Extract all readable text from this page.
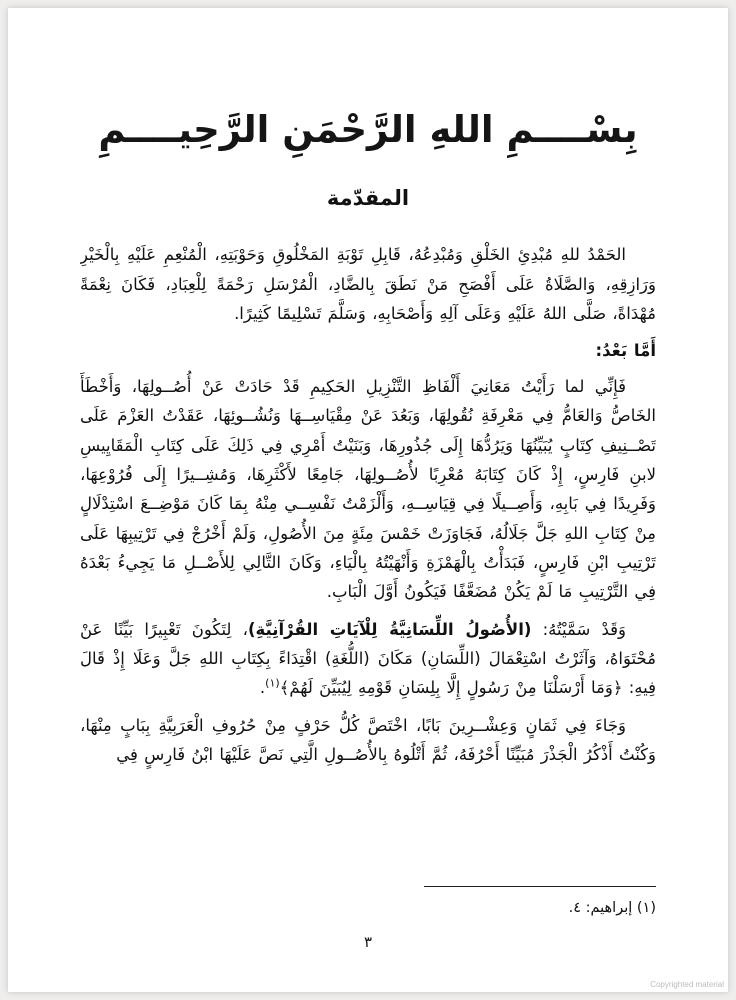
بِسْــــمِ اللهِ الرَّحْمَنِ الرَّحِيــــمِ
المقدّمة

الحَمْدُ للهِ مُبْدِئِ الخَلْقِ وَمُبْدِعُهُ، قَابِلِ تَوْبَةِ المَخْلُوقِ وَحَوْبَتِهِ، الْمُنْعِمِ عَلَيْهِ بِالْخَيْرِ وَرَازِقِهِ، وَالصَّلَاةُ عَلَى أَفْصَحِ مَنْ نَطَقَ بِالضَّادِ، الْمُرْسَلِ رَحْمَةً لِلْعِبَادِ، فَكَانَ نِعْمَةً مُهْدَاةً، صَلَّى اللهُ عَلَيْهِ وَعَلَى آلِهِ وَأَصْحَابِهِ، وَسَلَّمَ تَسْلِيمًا كَثِيرًا.

أَمَّا بَعْدُ:

فَإِنِّي لما رَأَيْتُ مَعَانِيَ أَلْفَاظِ التَّنْزِيلِ الحَكِيمِ قَدْ حَادَتْ عَنْ أُصُــولِهَا، وَأَخْطَأَ الخَاصُّ وَالعَامُّ فِي مَعْرِفَةِ نُقُولِهَا، وَبَعُدَ عَنْ مِقْيَاسِــهَا وَنُشُــوئِهَا، عَقَدْتُ العَزْمَ عَلَى تَصْــنِيفِ كِتَابٍ يُبَيِّنُهَا وَيَرُدُّهَا إِلَى جُذُورِهَا، وَبَنَيْتُ أَمْرِي فِي ذَلِكَ عَلَى كِتَابِ الْمَقَايِيسِ لابنِ فَارِسٍ، إِذْ كَانَ كِتَابَهُ مُعْرِبًا لأُصُــولِهَا، جَامِعًا لأَكْثَرِهَا، وَمُشِــيرًا إِلَى فُرُوْعِهَا، وَفَرِيدًا فِي بَابِهِ، وَأَصِــيلًا فِي قِيَاسِــهِ، وَأَلْزَمْتُ نَفْسِــي مِنْهُ بِمَا كَانَ مَوْضِــعَ اسْتِدْلَالٍ مِنْ كِتَابِ اللهِ جَلَّ جَلَالُهُ، فَجَاوَزَتْ خَمْسَ مِئَةٍ مِنَ الأُصُولِ، وَلَمْ أَخْرُجْ فِي تَرْتِيبِهَا عَلَى تَرْتِيبِ ابْنِ فَارِسٍ، فَبَدَأْتُ بِالْهَمْزَةِ وَأَنْهَيْتُهُ بِالْيَاءِ، وَكَانَ التَّالِي لِلأَصْــلِ مَا يَجِيءُ بَعْدَهُ فِي التَّرْتِيبِ مَا لَمْ يَكُنْ مُضَعَّفًا فَيَكُونُ أَوَّلَ الْبَابِ.

وَقَدْ سَمَّيْتُهُ: (الأُصُولُ اللِّسَانِيَّةُ لِلْآيَاتِ القُرْآنِيَّةِ)، لِتَكُونَ تَعْبِيرًا بَيِّنًا عَنْ مُحْتَوَاهُ، وَآثَرْتُ اسْتِعْمَالَ (اللِّسَانِ) مَكَانَ (اللُّغَةِ) اقْتِدَاءً بِكِتَابِ اللهِ جَلَّ وَعَلَا إِذْ قَالَ فِيهِ: ﴿وَمَا أَرْسَلْنَا مِنْ رَسُولٍ إِلَّا بِلِسَانِ قَوْمِهِ لِيُبَيِّنَ لَهُمْ﴾$^{(١)}$.

وَجَاءَ فِي ثَمَانٍ وَعِشْــرِينَ بَابًا، اخْتَصَّ كُلُّ حَرْفٍ مِنْ حُرُوفِ الْعَرَبِيَّةِ بِبَابٍ مِنْهَا، وَكُنْتُ أَذْكُرُ الْجَذْرَ مُبَيِّنًا أَحْرُفَهُ، ثُمَّ أَتْلُوهُ بِالأُصُــولِ الَّتِي نَصَّ عَلَيْهَا ابْنُ فَارِسٍ فِي

(١) إبراهيم: ٤.
٣
Copyrighted material
